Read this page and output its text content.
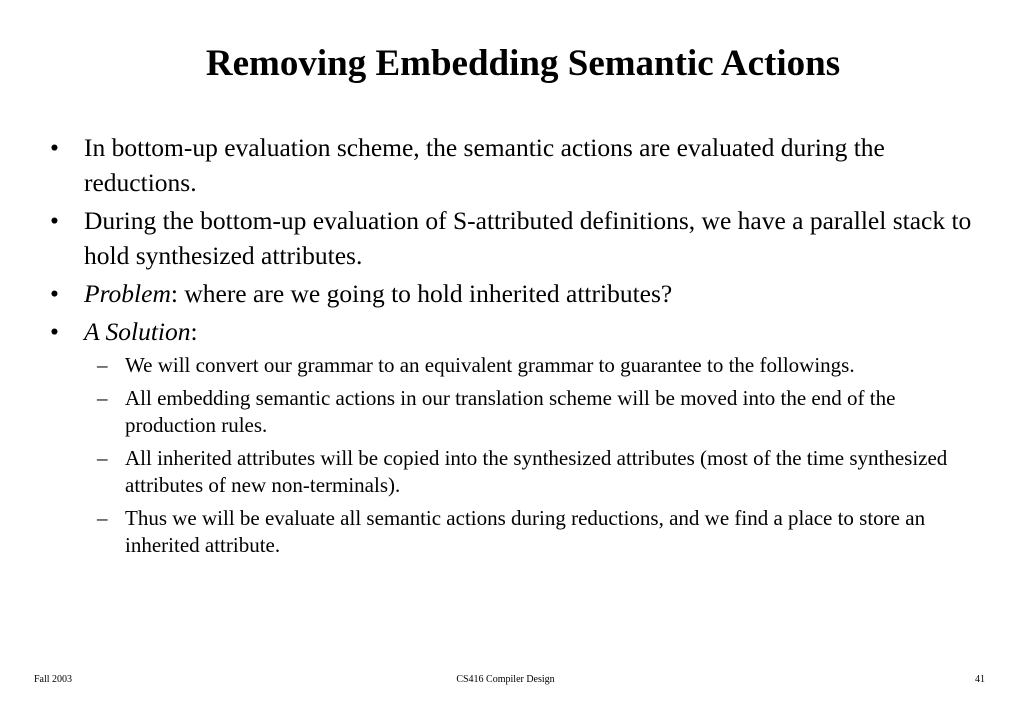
Removing Embedding Semantic Actions
• In bottom-up evaluation scheme, the semantic actions are evaluated during the reductions.
• During the bottom-up evaluation of S-attributed definitions, we have a parallel stack to hold synthesized attributes.
• Problem: where are we going to hold inherited attributes?
• A Solution:
– We will convert our grammar to an equivalent grammar to guarantee to the followings.
– All embedding semantic actions in our translation scheme will be moved into the end of the production rules.
– All inherited attributes will be copied into the synthesized attributes (most of the time synthesized attributes of new non-terminals).
– Thus we will be evaluate all semantic actions during reductions, and we find a place to store an inherited attribute.
Fall 2003	CS416 Compiler Design	41
